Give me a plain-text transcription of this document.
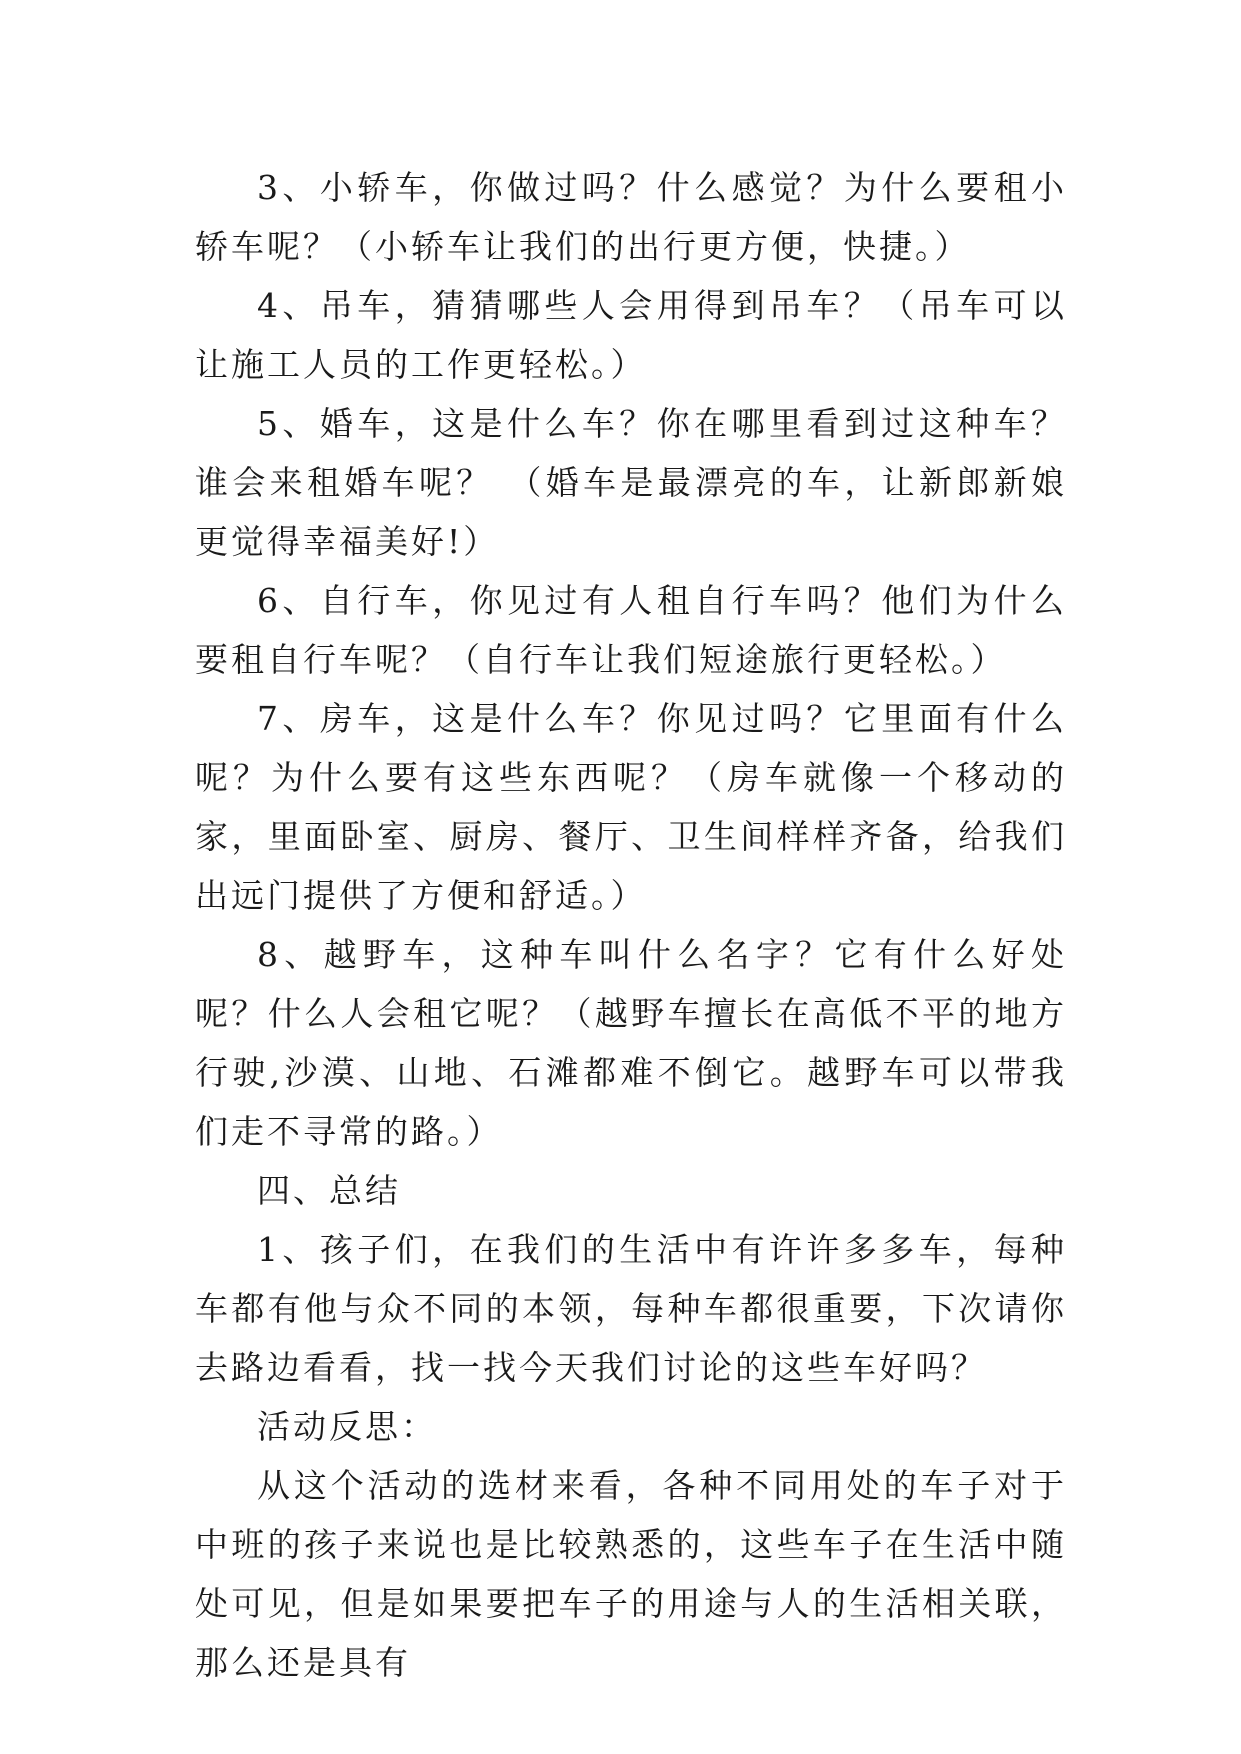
3、小轿车，你做过吗？什么感觉？为什么要租小轿车呢？（小轿车让我们的出行更方便，快捷。）

4、吊车，猜猜哪些人会用得到吊车？（吊车可以让施工人员的工作更轻松。）

5、婚车，这是什么车？你在哪里看到过这种车？谁会来租婚车呢？ （婚车是最漂亮的车，让新郎新娘更觉得幸福美好!）

6、自行车，你见过有人租自行车吗？他们为什么要租自行车呢？（自行车让我们短途旅行更轻松。）

7、房车，这是什么车？你见过吗？它里面有什么呢？为什么要有这些东西呢？（房车就像一个移动的家，里面卧室、厨房、餐厅、卫生间样样齐备，给我们出远门提供了方便和舒适。）

8、越野车，这种车叫什么名字？它有什么好处呢？什么人会租它呢？（越野车擅长在高低不平的地方行驶,沙漠、山地、石滩都难不倒它。越野车可以带我们走不寻常的路。）

四、总结

1、孩子们，在我们的生活中有许许多多车，每种车都有他与众不同的本领，每种车都很重要，下次请你去路边看看，找一找今天我们讨论的这些车好吗？

活动反思：

从这个活动的选材来看，各种不同用处的车子对于中班的孩子来说也是比较熟悉的，这些车子在生活中随处可见，但是如果要把车子的用途与人的生活相关联，那么还是具有
